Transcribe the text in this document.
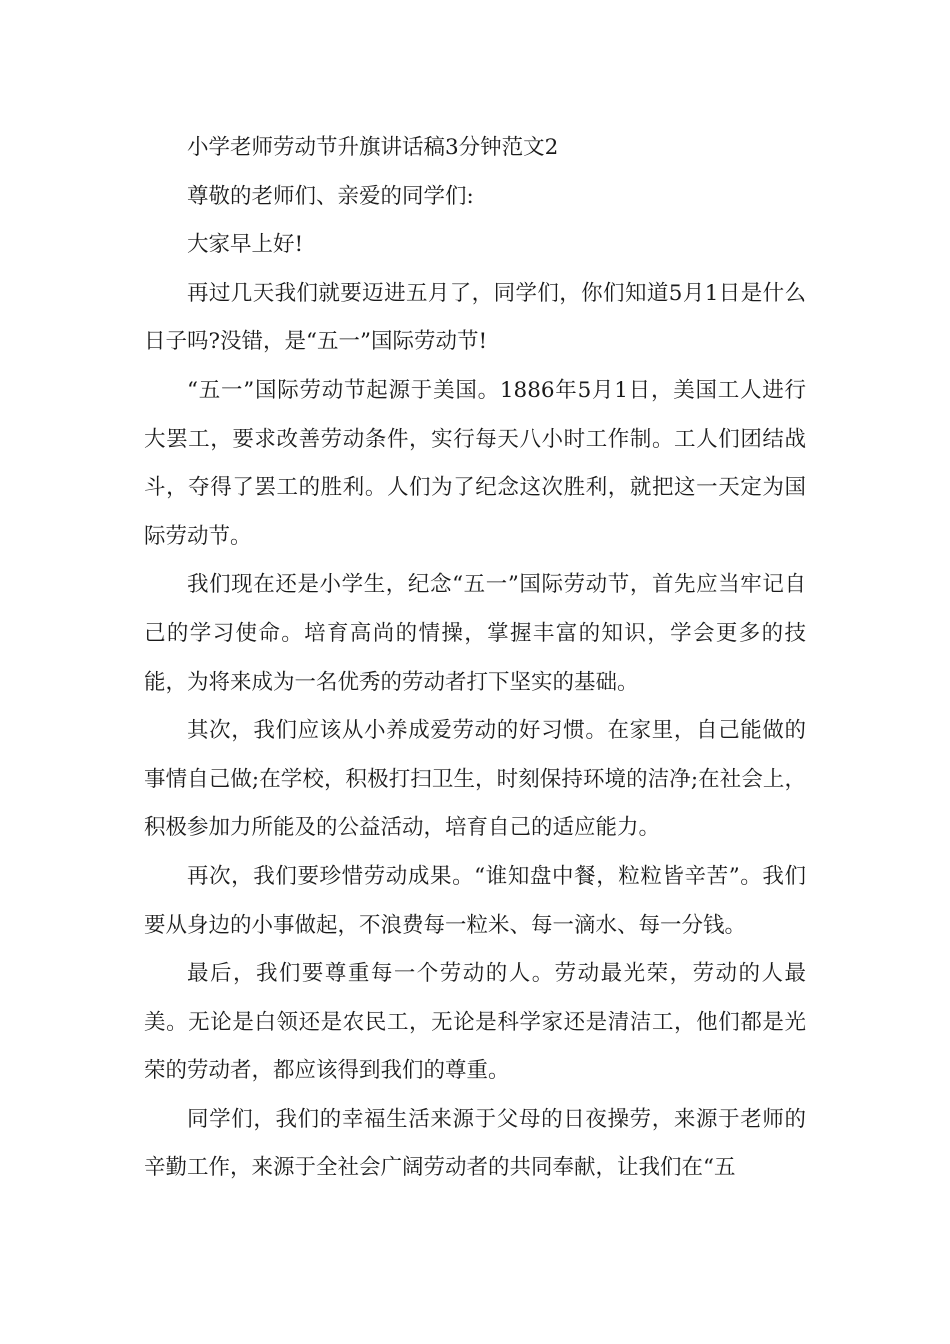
小学老师劳动节升旗讲话稿3分钟范文2

尊敬的老师们、亲爱的同学们:

大家早上好!

再过几天我们就要迈进五月了，同学们，你们知道5月1日是什么日子吗?没错，是“五一”国际劳动节!

“五一”国际劳动节起源于美国。1886年5月1日，美国工人进行大罢工，要求改善劳动条件，实行每天八小时工作制。工人们团结战斗，夺得了罢工的胜利。人们为了纪念这次胜利，就把这一天定为国际劳动节。

我们现在还是小学生，纪念“五一”国际劳动节，首先应当牢记自己的学习使命。培育高尚的情操，掌握丰富的知识，学会更多的技能，为将来成为一名优秀的劳动者打下坚实的基础。

其次，我们应该从小养成爱劳动的好习惯。在家里，自己能做的事情自己做;在学校，积极打扫卫生，时刻保持环境的洁净;在社会上，积极参加力所能及的公益活动，培育自己的适应能力。

再次，我们要珍惜劳动成果。“谁知盘中餐，粒粒皆辛苦”。我们要从身边的小事做起，不浪费每一粒米、每一滴水、每一分钱。

最后，我们要尊重每一个劳动的人。劳动最光荣，劳动的人最美。无论是白领还是农民工，无论是科学家还是清洁工，他们都是光荣的劳动者，都应该得到我们的尊重。

同学们，我们的幸福生活来源于父母的日夜操劳，来源于老师的辛勤工作，来源于全社会广阔劳动者的共同奉献，让我们在“五
